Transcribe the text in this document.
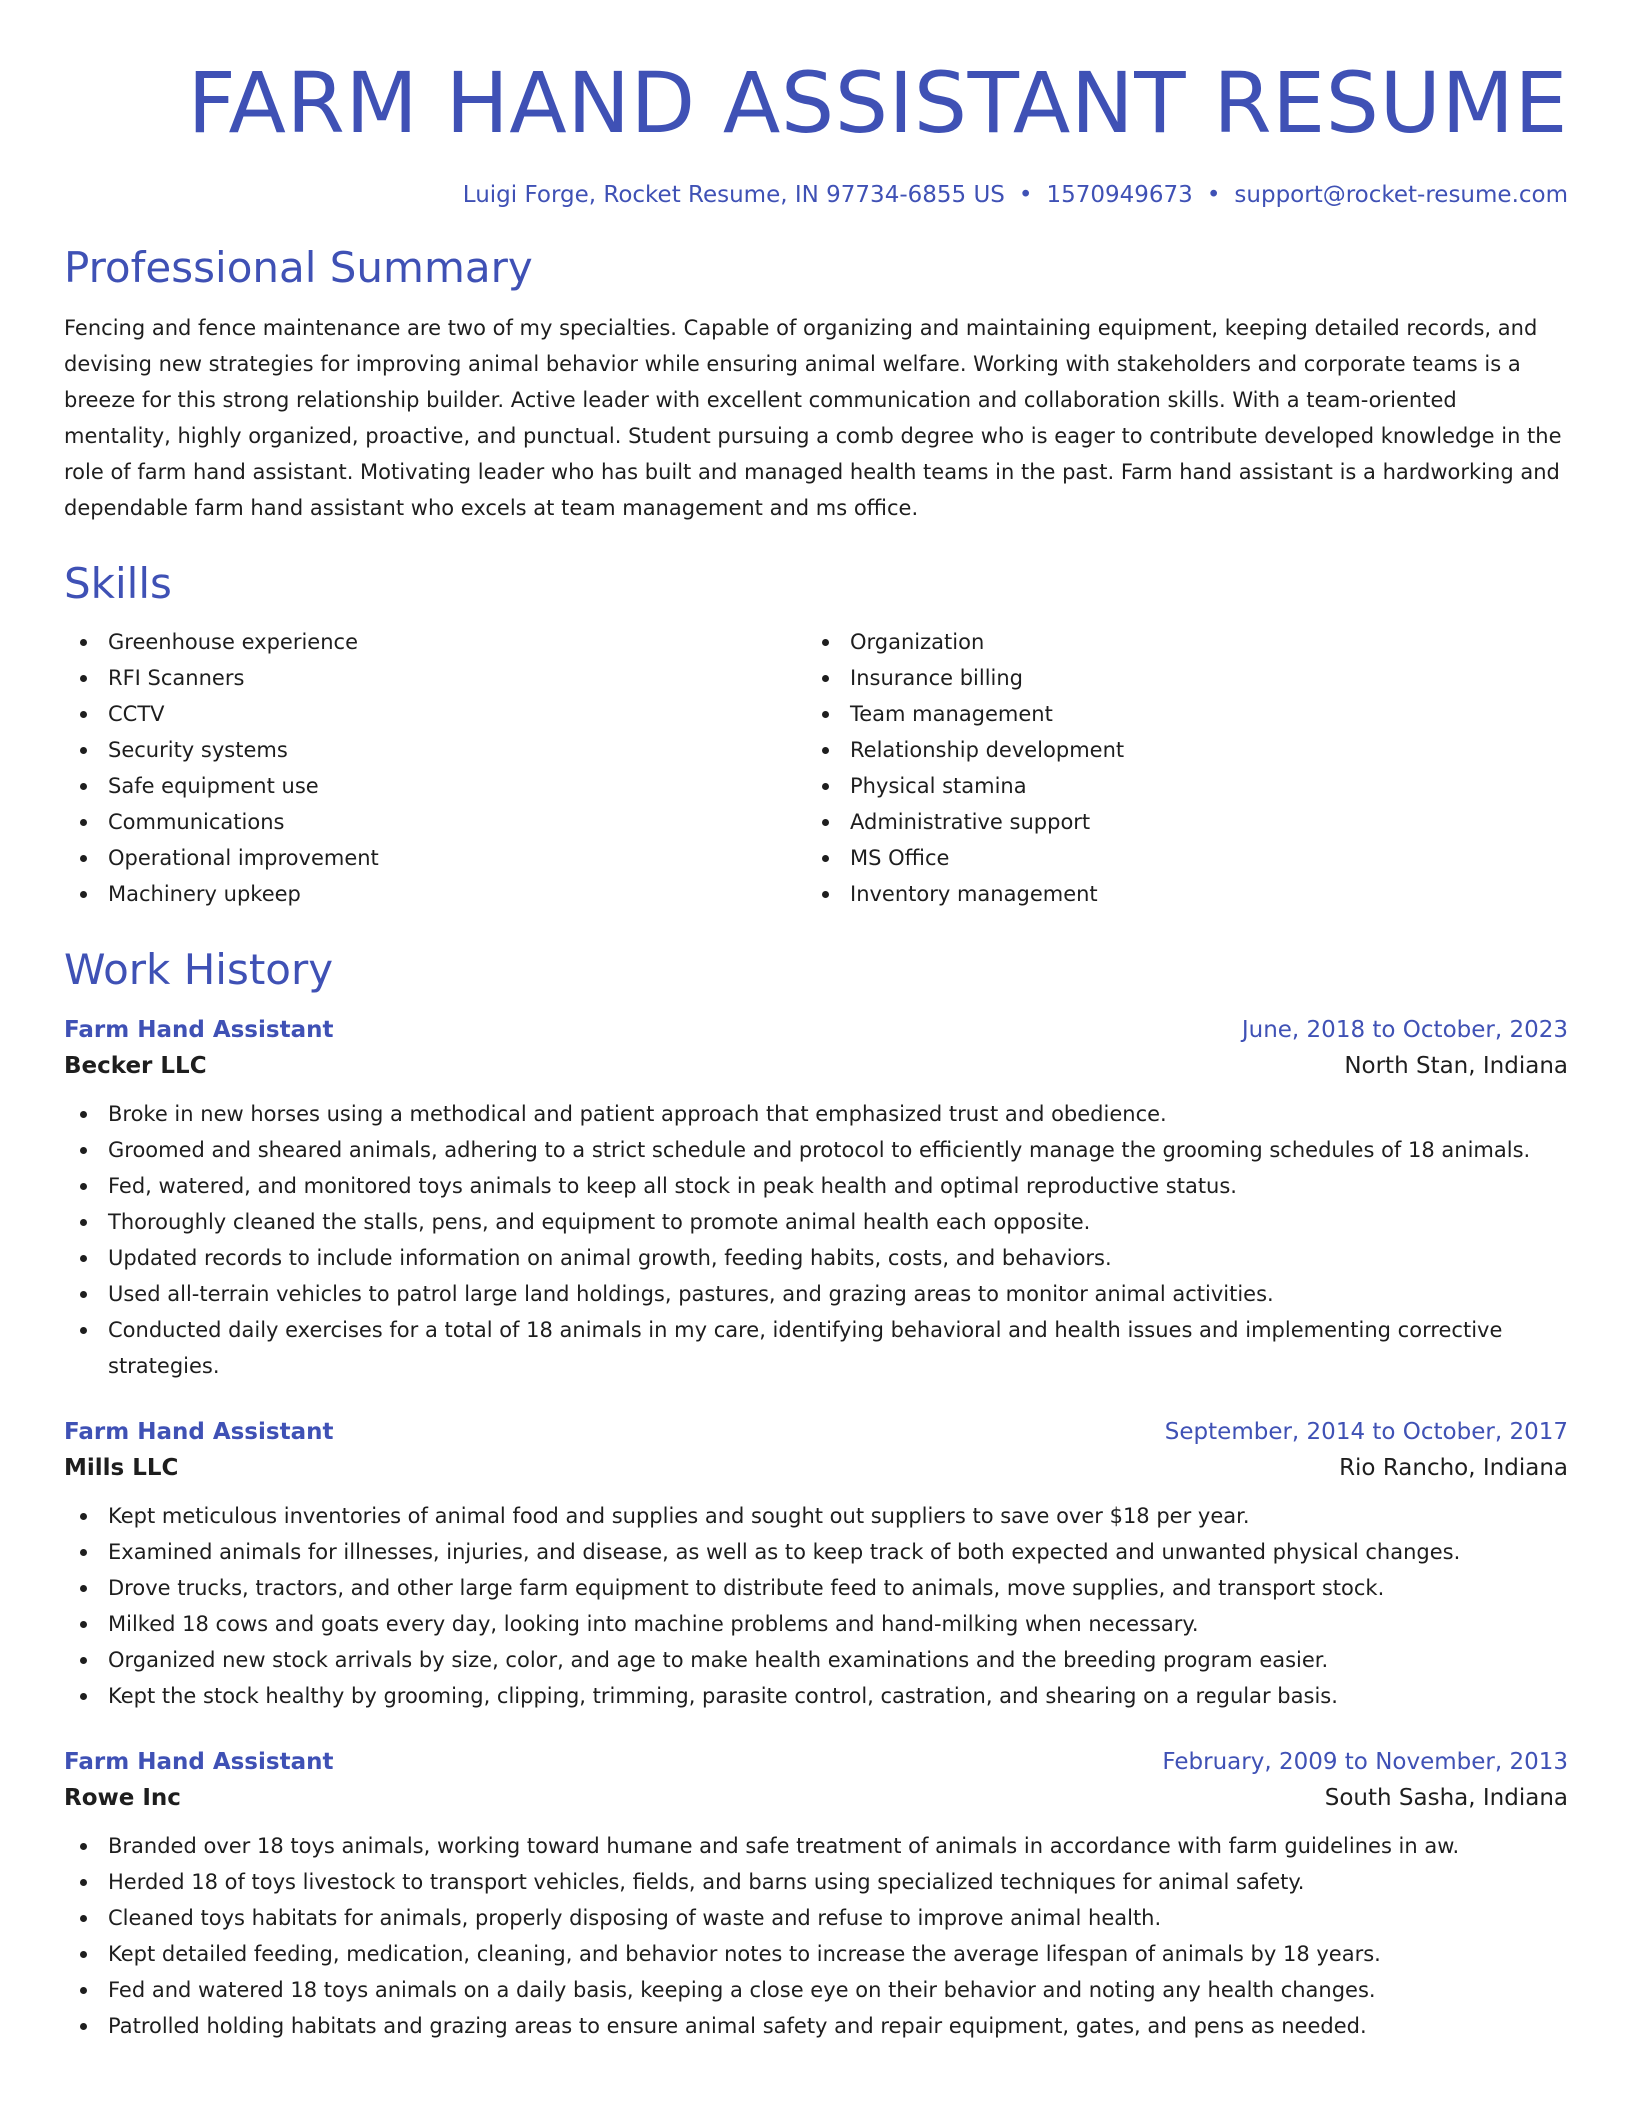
FARM HAND ASSISTANT RESUME
Luigi Forge, Rocket Resume, IN 97734-6855 US • 1570949673 • support@rocket-resume.com
Professional Summary

Fencing and fence maintenance are two of my specialties. Capable of organizing and maintaining equipment, keeping detailed records, and devising new strategies for improving animal behavior while ensuring animal welfare. Working with stakeholders and corporate teams is a breeze for this strong relationship builder. Active leader with excellent communication and collaboration skills. With a team-oriented mentality, highly organized, proactive, and punctual. Student pursuing a comb degree who is eager to contribute developed knowledge in the role of farm hand assistant. Motivating leader who has built and managed health teams in the past. Farm hand assistant is a hardworking and dependable farm hand assistant who excels at team management and ms office.

Skills
Greenhouse experience
RFI Scanners
CCTV
Security systems
Safe equipment use
Communications
Operational improvement
Machinery upkeep
Organization
Insurance billing
Team management
Relationship development
Physical stamina
Administrative support
MS Office
Inventory management
Work History
Farm Hand Assistant	June, 2018 to October, 2023
Becker LLC	North Stan, Indiana
Broke in new horses using a methodical and patient approach that emphasized trust and obedience.
Groomed and sheared animals, adhering to a strict schedule and protocol to efficiently manage the grooming schedules of 18 animals.
Fed, watered, and monitored toys animals to keep all stock in peak health and optimal reproductive status.
Thoroughly cleaned the stalls, pens, and equipment to promote animal health each opposite.
Updated records to include information on animal growth, feeding habits, costs, and behaviors.
Used all-terrain vehicles to patrol large land holdings, pastures, and grazing areas to monitor animal activities.
Conducted daily exercises for a total of 18 animals in my care, identifying behavioral and health issues and implementing corrective strategies.
Farm Hand Assistant	September, 2014 to October, 2017
Mills LLC	Rio Rancho, Indiana
Kept meticulous inventories of animal food and supplies and sought out suppliers to save over $18 per year.
Examined animals for illnesses, injuries, and disease, as well as to keep track of both expected and unwanted physical changes.
Drove trucks, tractors, and other large farm equipment to distribute feed to animals, move supplies, and transport stock.
Milked 18 cows and goats every day, looking into machine problems and hand-milking when necessary.
Organized new stock arrivals by size, color, and age to make health examinations and the breeding program easier.
Kept the stock healthy by grooming, clipping, trimming, parasite control, castration, and shearing on a regular basis.
Farm Hand Assistant	February, 2009 to November, 2013
Rowe Inc	South Sasha, Indiana
Branded over 18 toys animals, working toward humane and safe treatment of animals in accordance with farm guidelines in aw.
Herded 18 of toys livestock to transport vehicles, fields, and barns using specialized techniques for animal safety.
Cleaned toys habitats for animals, properly disposing of waste and refuse to improve animal health.
Kept detailed feeding, medication, cleaning, and behavior notes to increase the average lifespan of animals by 18 years.
Fed and watered 18 toys animals on a daily basis, keeping a close eye on their behavior and noting any health changes.
Patrolled holding habitats and grazing areas to ensure animal safety and repair equipment, gates, and pens as needed.
